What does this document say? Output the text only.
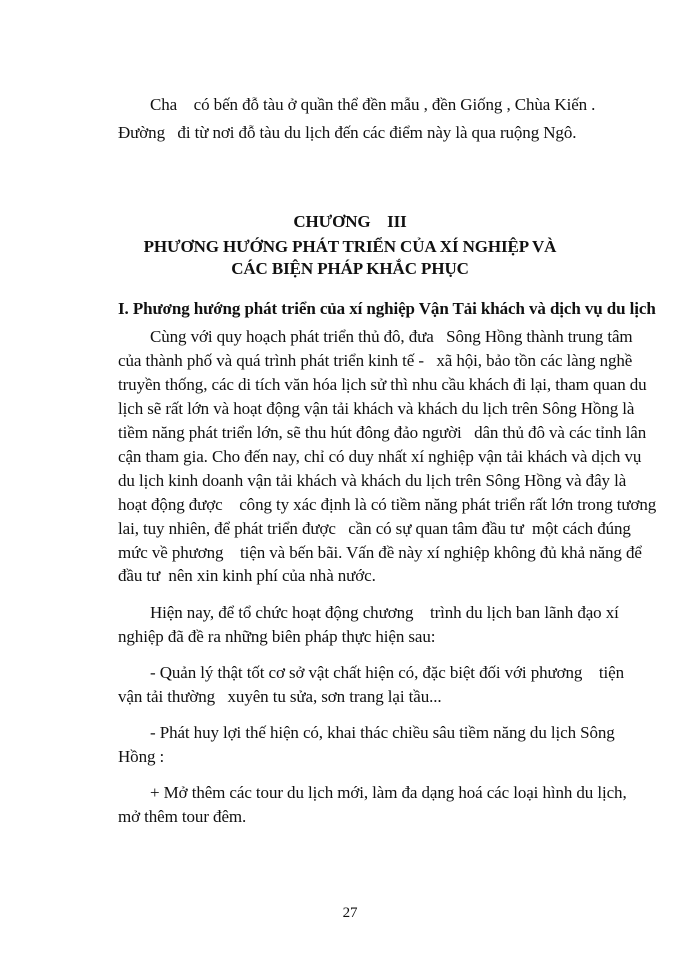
Cha    có bến đỗ tàu ở quần thể đền mẫu , đền Giống , Chùa Kiến .
Đường   đi từ nơi đỗ tàu du lịch đến các điểm này là qua ruộng Ngô.
CHƯƠNG    III
PHƯƠNG HƯỚNG PHÁT TRIỂN CỦA XÍ NGHIỆP VÀ
CÁC BIỆN PHÁP KHẮC PHỤC
I. Phương hướng phát triển của xí nghiệp Vận Tải khách và dịch vụ du lịch
Cùng với quy hoạch phát triển thủ đô, đưa   Sông Hồng thành trung tâm
của thành phố và quá trình phát triển kinh tế -   xã hội, bảo tồn các làng nghề
truyền thống, các di tích văn hóa lịch sử thì nhu cầu khách đi lại, tham quan du
lịch sẽ rất lớn và hoạt động vận tải khách và khách du lịch trên Sông Hồng là
tiềm năng phát triển lớn, sẽ thu hút đông đảo người   dân thủ đô và các tỉnh lân
cận tham gia. Cho đến nay, chỉ có duy nhất xí nghiệp vận tải khách và dịch vụ
du lịch kinh doanh vận tải khách và khách du lịch trên Sông Hồng và đây là
hoạt động được    công ty xác định là có tiềm năng phát triển rất lớn trong tương
lai, tuy nhiên, để phát triển được   cần có sự quan tâm đầu tư  một cách đúng
mức về phương    tiện và bến bãi. Vấn đề này xí nghiệp không đủ khả năng để
đầu tư  nên xin kinh phí của nhà nước.
Hiện nay, để tổ chức hoạt động chương    trình du lịch ban lãnh đạo xí
nghiệp đã đề ra những biên pháp thực hiện sau:
- Quản lý thật tốt cơ sở vật chất hiện có, đặc biệt đối với phương    tiện
vận tải thường   xuyên tu sửa, sơn trang lại tầu...
- Phát huy lợi thế hiện có, khai thác chiều sâu tiềm năng du lịch Sông
Hồng :
+ Mở thêm các tour du lịch mới, làm đa dạng hoá các loại hình du lịch,
mở thêm tour đêm.
27
